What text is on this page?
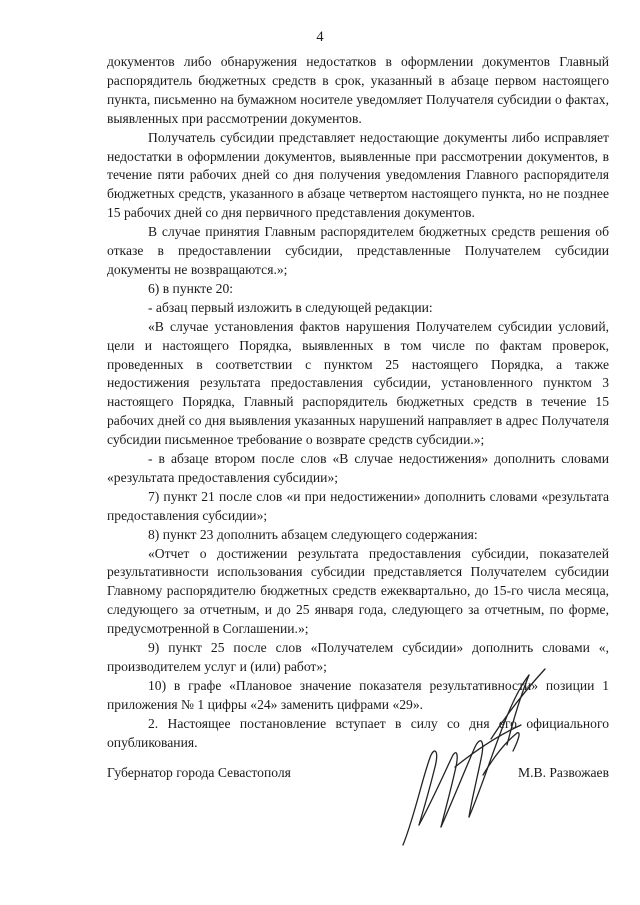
4

документов либо обнаружения недостатков в оформлении документов Главный распорядитель бюджетных средств в срок, указанный в абзаце первом настоящего пункта, письменно на бумажном носителе уведомляет Получателя субсидии о фактах, выявленных при рассмотрении документов.

Получатель субсидии представляет недостающие документы либо исправляет недостатки в оформлении документов, выявленные при рассмотрении документов, в течение пяти рабочих дней со дня получения уведомления Главного распорядителя бюджетных средств, указанного в абзаце четвертом настоящего пункта, но не позднее 15 рабочих дней со дня первичного представления документов.

В случае принятия Главным распорядителем бюджетных средств решения об отказе в предоставлении субсидии, представленные Получателем субсидии документы не возвращаются.»;

6) в пункте 20:

- абзац первый изложить в следующей редакции:

«В случае установления фактов нарушения Получателем субсидии условий, цели и настоящего Порядка, выявленных в том числе по фактам проверок, проведенных в соответствии с пунктом 25 настоящего Порядка, а также недостижения результата предоставления субсидии, установленного пунктом 3 настоящего Порядка, Главный распорядитель бюджетных средств в течение 15 рабочих дней со дня выявления указанных нарушений направляет в адрес Получателя субсидии письменное требование о возврате средств субсидии.»;

- в абзаце втором после слов «В случае недостижения» дополнить словами «результата предоставления субсидии»;

7) пункт 21 после слов «и при недостижении» дополнить словами «результата предоставления субсидии»;

8) пункт 23 дополнить абзацем следующего содержания:

«Отчет о достижении результата предоставления субсидии, показателей результативности использования субсидии представляется Получателем субсидии Главному распорядителю бюджетных средств ежеквартально, до 15-го числа месяца, следующего за отчетным, и до 25 января года, следующего за отчетным, по форме, предусмотренной в Соглашении.»;

9) пункт 25 после слов «Получателем субсидии» дополнить словами «, производителем услуг и (или) работ»;

10) в графе «Плановое значение показателя результативности» позиции 1 приложения № 1 цифры «24» заменить цифрами «29».

2. Настоящее постановление вступает в силу со дня его официального опубликования.

Губернатор города Севастополя	М.В. Развожаев
